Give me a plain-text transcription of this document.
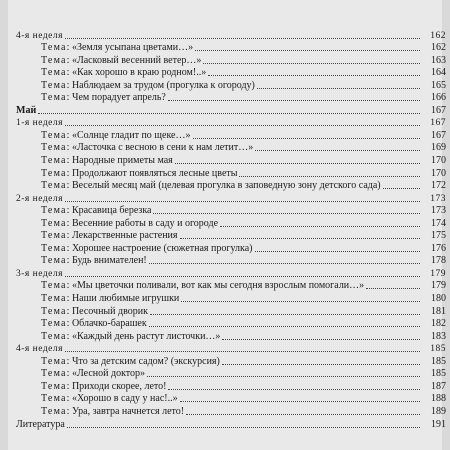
4-я неделя	162
Тема: «Земля усыпана цветами…»	162
Тема: «Ласковый весенний ветер…»	163
Тема: «Как хорошо в краю родном!..»	164
Тема: Наблюдаем за трудом (прогулка к огороду)	165
Тема: Чем порадует апрель?	166
Май	167
1-я неделя	167
Тема: «Солнце гладит по щеке…»	167
Тема: «Ласточка с весною в сени к нам летит…»	169
Тема: Народные приметы мая	170
Тема: Продолжают появляться лесные цветы	170
Тема: Веселый месяц май (целевая прогулка в заповедную зону детского сада)	172
2-я неделя	173
Тема: Красавица березка	173
Тема: Весенние работы в саду и огороде	174
Тема: Лекарственные растения	175
Тема: Хорошее настроение (сюжетная прогулка)	176
Тема: Будь внимателен!	178
3-я неделя	179
Тема: «Мы цветочки поливали, вот как мы сегодня взрослым помогали…»	179
Тема: Наши любимые игрушки	180
Тема: Песочный дворик	181
Тема: Облачко-барашек	182
Тема: «Каждый день растут листочки…»	183
4-я неделя	185
Тема: Что за детским садом? (экскурсия)	185
Тема: «Лесной доктор»	185
Тема: Приходи скорее, лето!	187
Тема: «Хорошо в саду у нас!..»	188
Тема: Ура, завтра начнется лето!	189
Литература	191
